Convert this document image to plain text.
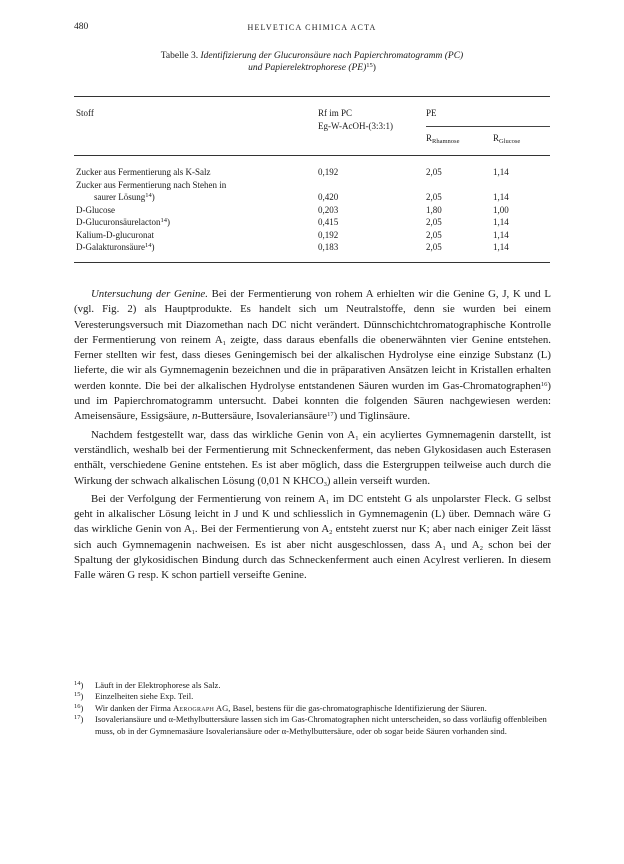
480	HELVETICA CHIMICA ACTA
Tabelle 3. Identifizierung der Glucuronsäure nach Papierchromatogramm (PC)
und Papierelektrophorese (PE)$^{15}$)
Stoff	Rf im PC
Eg-W-AcOH-(3:3:1)
PE
$R_{Rhamnose}$	$R_{Glucose}$
Zucker aus Fermentierung als K-Salz	0,192	2,05	1,14
Zucker aus Fermentierung nach Stehen in
saurer Lösung$^{14}$)	0,420	2,05	1,14
D-Glucose	0,203	1,80	1,00
D-Glucuronsäurelacton$^{14}$)	0,415	2,05	1,14
Kalium-D-glucuronat	0,192	2,05	1,14
D-Galakturonsäure$^{14}$)	0,183	2,05	1,14

Untersuchung der Genine. Bei der Fermentierung von rohem A erhielten wir die Genine G, J, K und L (vgl. Fig. 2) als Hauptprodukte. Es handelt sich um Neutralstoffe, denn sie wurden bei einem Veresterungsversuch mit Diazomethan nach DC nicht verändert. Dünnschichtchromatographische Kontrolle der Fermentierung von reinem $A_1$ zeigte, dass daraus ebenfalls die obenerwähnten vier Genine entstehen. Ferner stellten wir fest, dass dieses Geningemisch bei der alkalischen Hydrolyse eine einzige Substanz (L) lieferte, die wir als Gymnemagenin bezeichnen und die in präparativen Ansätzen leicht in Kristallen erhalten werden konnte. Die bei der alkalischen Hydrolyse entstandenen Säuren wurden im Gas-Chromatographen$^{16}$) und im Papierchromatogramm untersucht. Dabei konnten die folgenden Säuren nachgewiesen werden: Ameisensäure, Essigsäure, n-Buttersäure, Isovaleriansäure$^{17}$) und Tiglinsäure.

Nachdem festgestellt war, dass das wirkliche Genin von $A_1$ ein acyliertes Gymnemagenin darstellt, ist verständlich, weshalb bei der Fermentierung mit Schneckenferment, das neben Glykosidasen auch Esterasen enthält, verschiedene Genine entstehen. Es ist aber möglich, dass die Estergruppen teilweise auch durch die Wirkung der schwach alkalischen Lösung (0,01 N $KHCO_3$) allein verseift wurden.

Bei der Verfolgung der Fermentierung von reinem $A_1$ im DC entsteht G als unpolarster Fleck. G selbst geht in alkalischer Lösung leicht in J und K und schliesslich in Gymnemagenin (L) über. Demnach wäre G das wirkliche Genin von $A_1$. Bei der Fermentierung von $A_2$ entsteht zuerst nur K; aber nach einiger Zeit lässt sich auch Gymnemagenin nachweisen. Es ist aber nicht ausgeschlossen, dass $A_1$ und $A_2$ schon bei der Spaltung der glykosidischen Bindung durch das Schneckenferment auch einen Acylrest verlieren. In diesem Falle wären G resp. K schon partiell verseifte Genine.

$^{14}$) Läuft in der Elektrophorese als Salz.

$^{15}$) Einzelheiten siehe Exp. Teil.

$^{16}$) Wir danken der Firma Aerograph AG, Basel, bestens für die gas-chromatographische Identifizierung der Säuren.

$^{17}$) Isovaleriansäure und α-Methylbuttersäure lassen sich im Gas-Chromatographen nicht unterscheiden, so dass vorläufig offenbleiben muss, ob in der Gymnemasäure Isovaleriansäure oder α-Methylbuttersäure, oder ob sogar beide Säuren vorhanden sind.
